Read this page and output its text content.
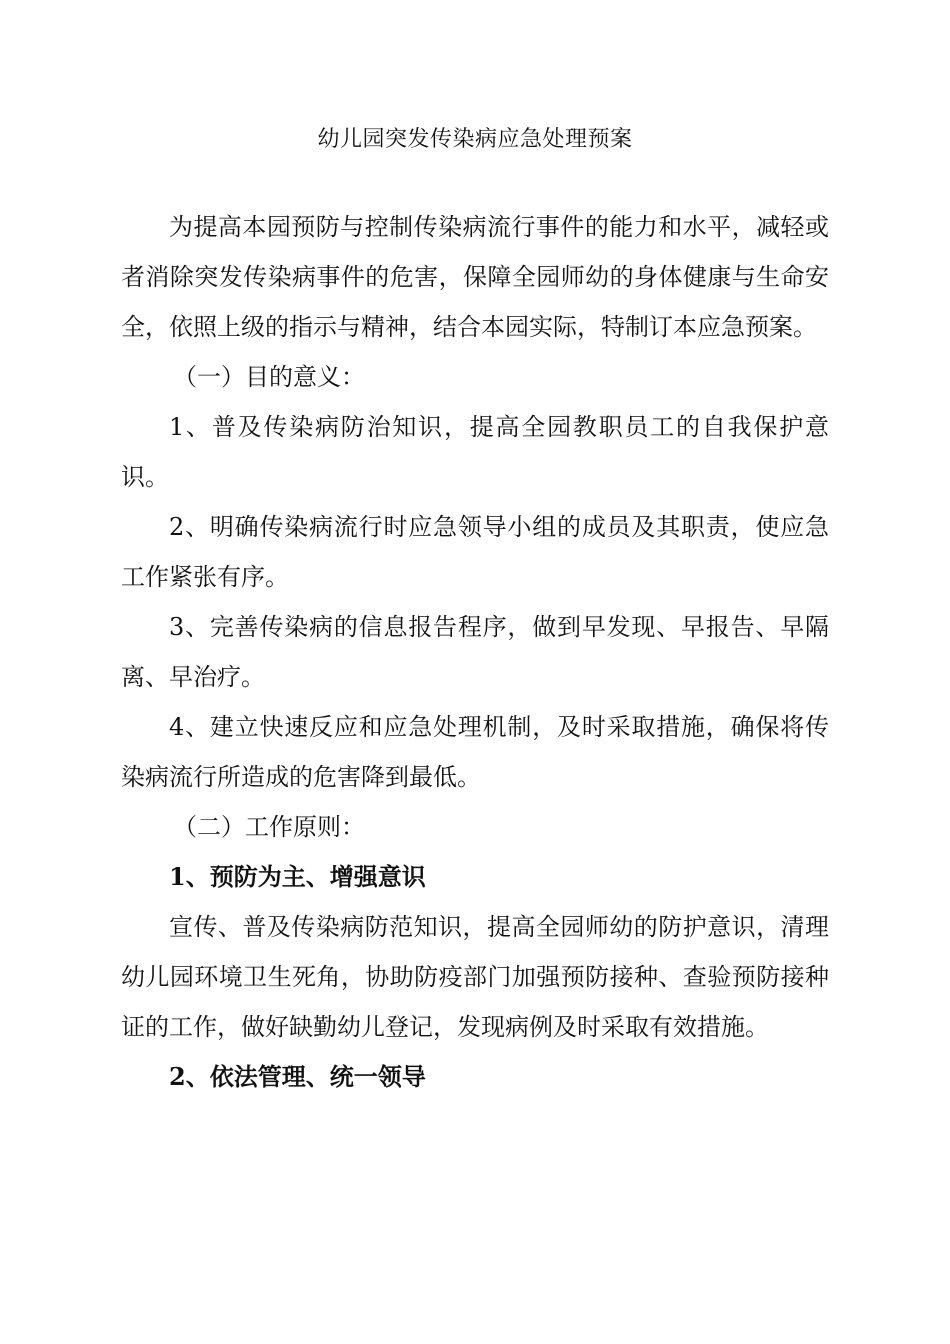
幼儿园突发传染病应急处理预案

为提高本园预防与控制传染病流行事件的能力和水平，减轻或者消除突发传染病事件的危害，保障全园师幼的身体健康与生命安全，依照上级的指示与精神，结合本园实际，特制订本应急预案。

（一）目的意义：

1、普及传染病防治知识，提高全园教职员工的自我保护意识。

2、明确传染病流行时应急领导小组的成员及其职责，使应急工作紧张有序。

3、完善传染病的信息报告程序，做到早发现、早报告、早隔离、早治疗。

4、建立快速反应和应急处理机制，及时采取措施，确保将传染病流行所造成的危害降到最低。

（二）工作原则：

1、预防为主、增强意识

宣传、普及传染病防范知识，提高全园师幼的防护意识，清理幼儿园环境卫生死角，协助防疫部门加强预防接种、查验预防接种证的工作，做好缺勤幼儿登记，发现病例及时采取有效措施。

2、依法管理、统一领导
